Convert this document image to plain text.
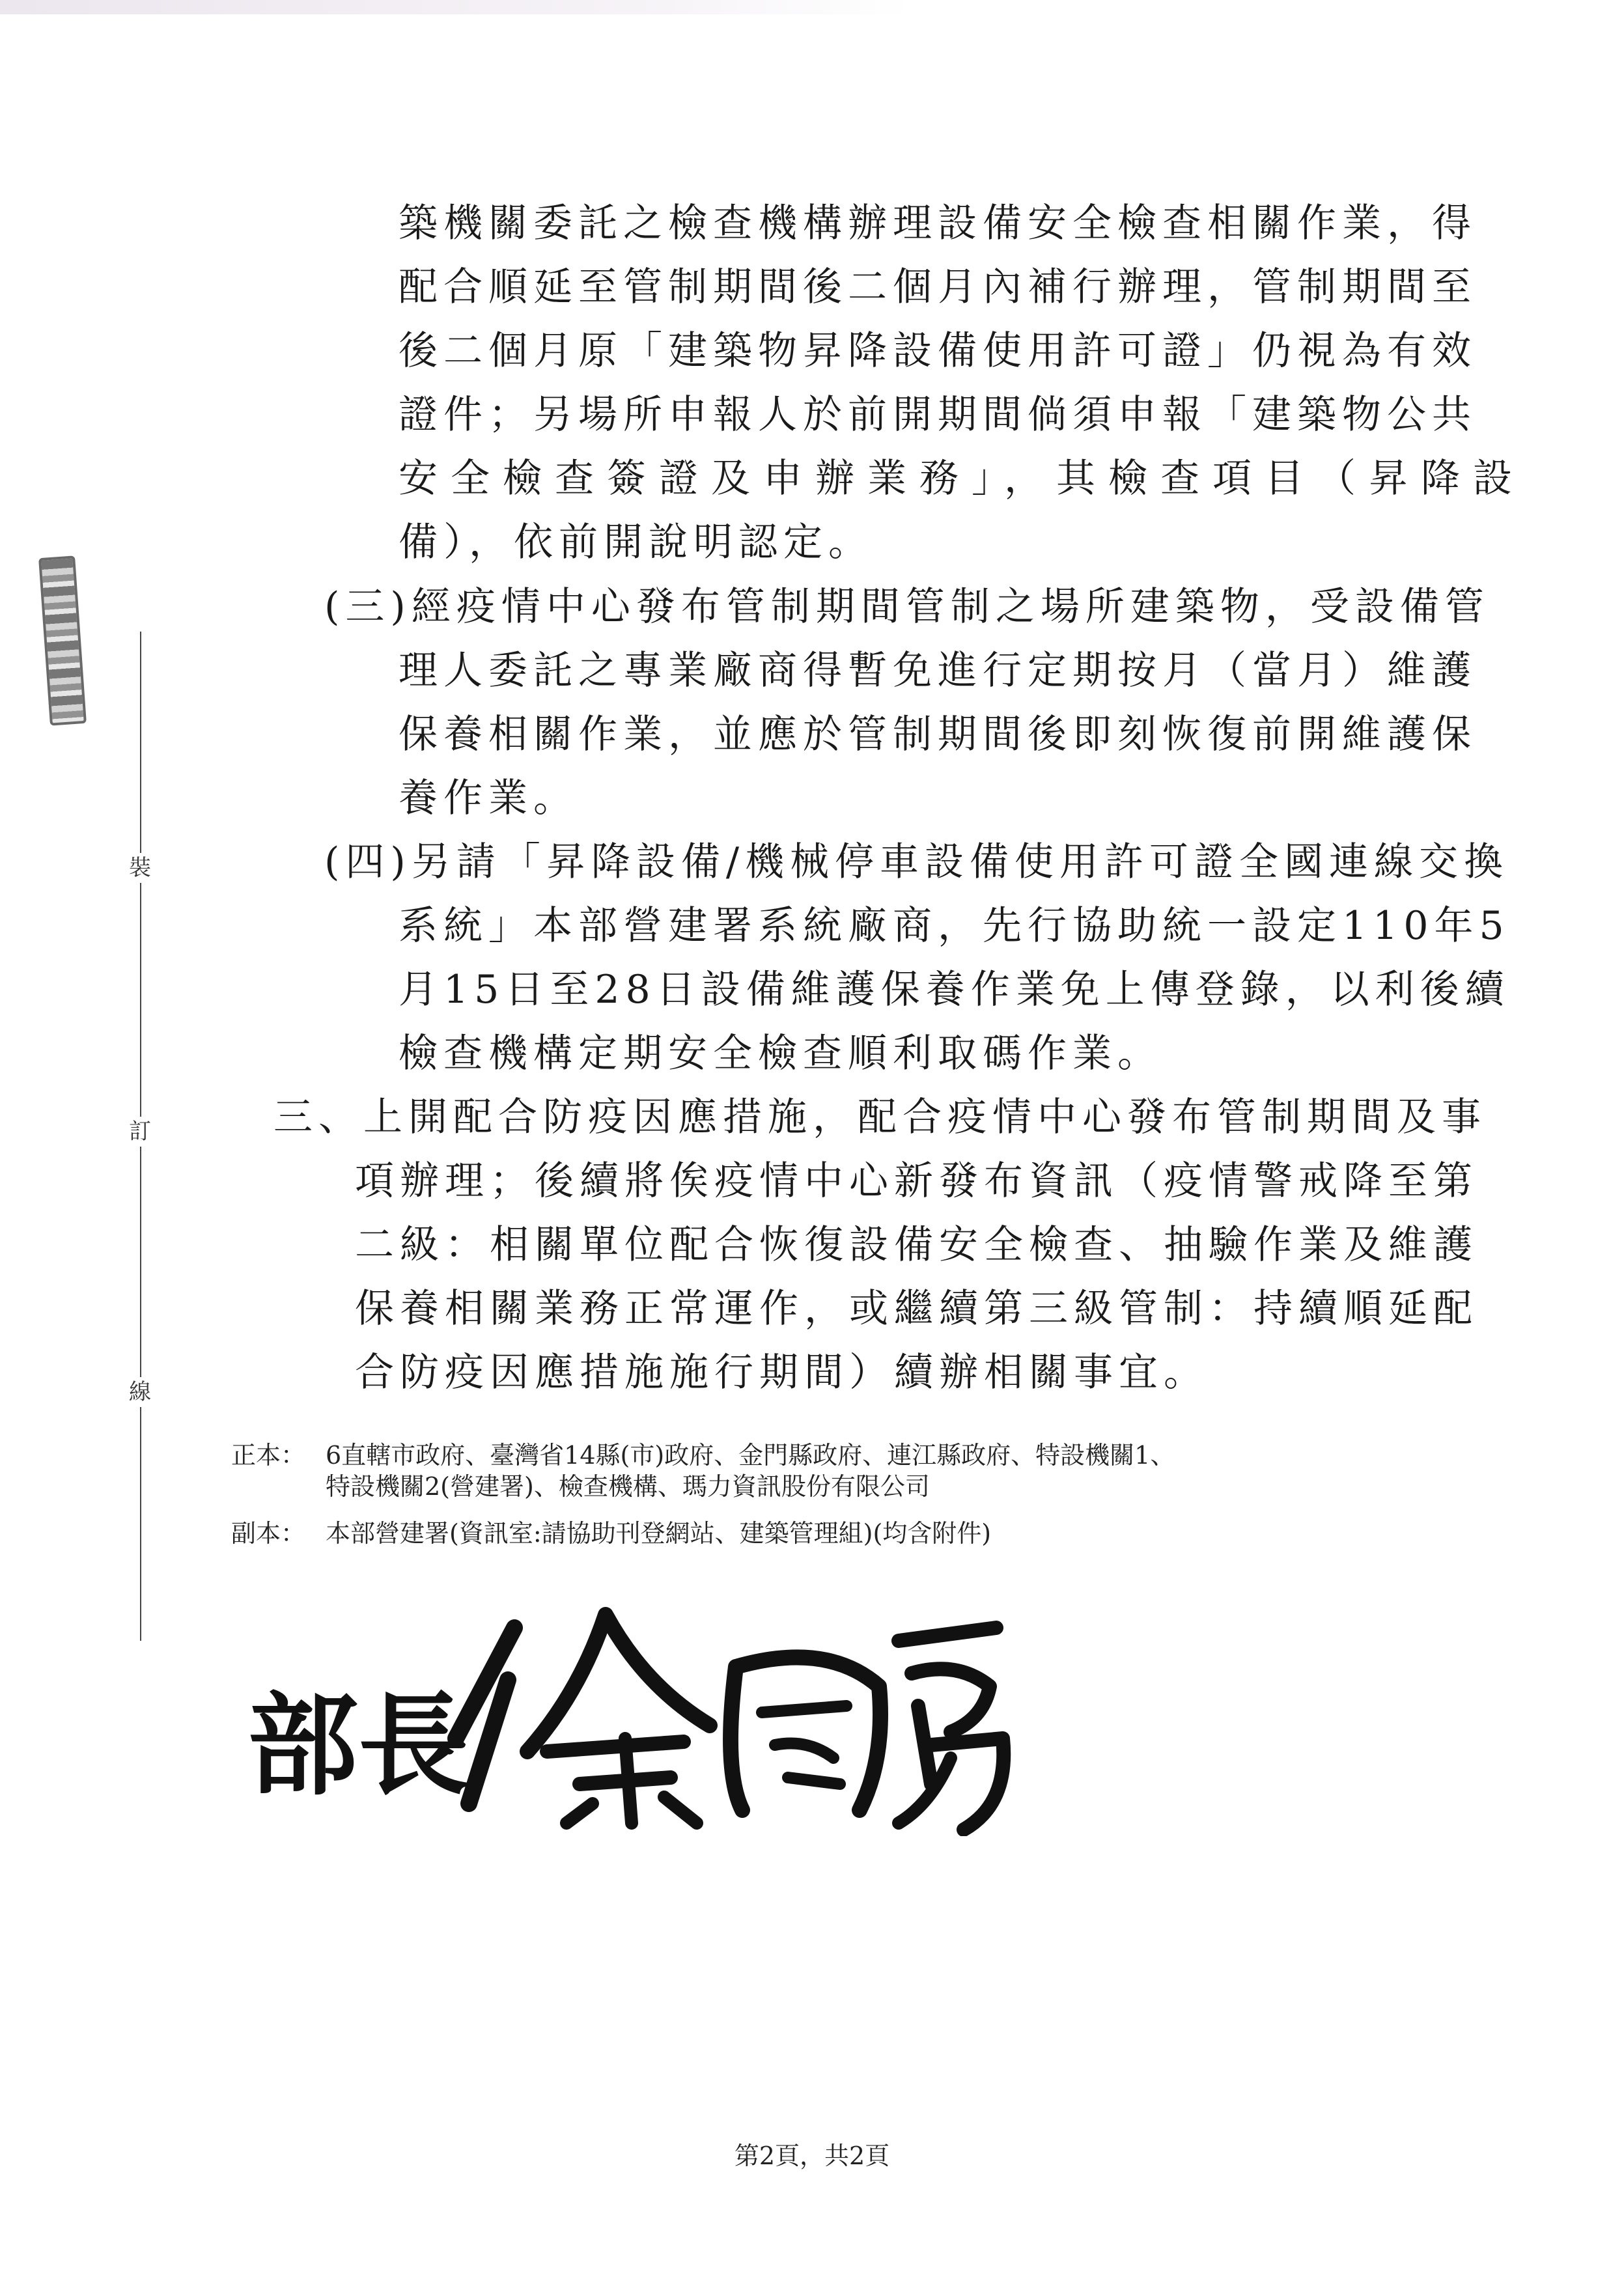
裝
訂
線
築機關委託之檢查機構辦理設備安全檢查相關作業，得
配合順延至管制期間後二個月內補行辦理，管制期間至
後二個月原「建築物昇降設備使用許可證」仍視為有效
證件；另場所申報人於前開期間倘須申報「建築物公共
安全檢查簽證及申辦業務」，其檢查項目（昇降設
備），依前開說明認定。
(三)經疫情中心發布管制期間管制之場所建築物，受設備管
理人委託之專業廠商得暫免進行定期按月（當月）維護
保養相關作業，並應於管制期間後即刻恢復前開維護保
養作業。
(四)另請「昇降設備/機械停車設備使用許可證全國連線交換
系統」本部營建署系統廠商，先行協助統一設定110年5
月15日至28日設備維護保養作業免上傳登錄，以利後續
檢查機構定期安全檢查順利取碼作業。
三、上開配合防疫因應措施，配合疫情中心發布管制期間及事
項辦理；後續將俟疫情中心新發布資訊（疫情警戒降至第
二級：相關單位配合恢復設備安全檢查、抽驗作業及維護
保養相關業務正常運作，或繼續第三級管制：持續順延配
合防疫因應措施施行期間）續辦相關事宜。
正本： 6直轄市政府、臺灣省14縣(市)政府、金門縣政府、連江縣政府、特設機關1、
特設機關2(營建署)、檢查機構、瑪力資訊股份有限公司
副本： 本部營建署(資訊室:請協助刊登網站、建築管理組)(均含附件)
部長
第2頁，共2頁
